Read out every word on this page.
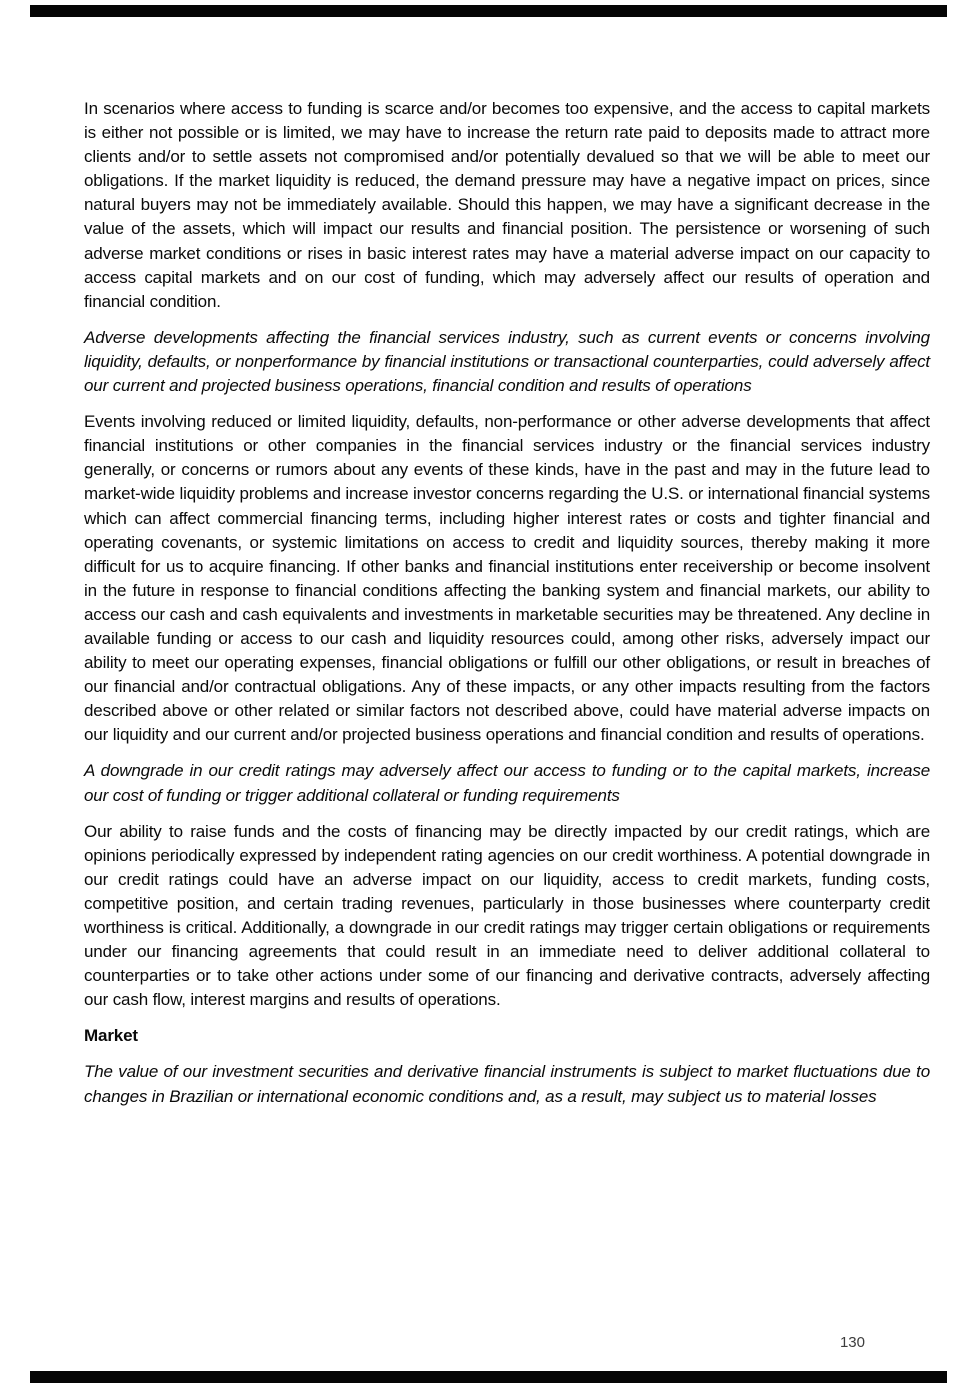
In scenarios where access to funding is scarce and/or becomes too expensive, and the access to capital markets is either not possible or is limited, we may have to increase the return rate paid to deposits made to attract more clients and/or to settle assets not compromised and/or potentially devalued so that we will be able to meet our obligations. If the market liquidity is reduced, the demand pressure may have a negative impact on prices, since natural buyers may not be immediately available. Should this happen, we may have a significant decrease in the value of the assets, which will impact our results and financial position. The persistence or worsening of such adverse market conditions or rises in basic interest rates may have a material adverse impact on our capacity to access capital markets and on our cost of funding, which may adversely affect our results of operation and financial condition.

Adverse developments affecting the financial services industry, such as current events or concerns involving liquidity, defaults, or nonperformance by financial institutions or transactional counterparties, could adversely affect our current and projected business operations, financial condition and results of operations

Events involving reduced or limited liquidity, defaults, non-performance or other adverse developments that affect financial institutions or other companies in the financial services industry or the financial services industry generally, or concerns or rumors about any events of these kinds, have in the past and may in the future lead to market-wide liquidity problems and increase investor concerns regarding the U.S. or international financial systems which can affect commercial financing terms, including higher interest rates or costs and tighter financial and operating covenants, or systemic limitations on access to credit and liquidity sources, thereby making it more difficult for us to acquire financing. If other banks and financial institutions enter receivership or become insolvent in the future in response to financial conditions affecting the banking system and financial markets, our ability to access our cash and cash equivalents and investments in marketable securities may be threatened. Any decline in available funding or access to our cash and liquidity resources could, among other risks, adversely impact our ability to meet our operating expenses, financial obligations or fulfill our other obligations, or result in breaches of our financial and/or contractual obligations. Any of these impacts, or any other impacts resulting from the factors described above or other related or similar factors not described above, could have material adverse impacts on our liquidity and our current and/or projected business operations and financial condition and results of operations.

A downgrade in our credit ratings may adversely affect our access to funding or to the capital markets, increase our cost of funding or trigger additional collateral or funding requirements

Our ability to raise funds and the costs of financing may be directly impacted by our credit ratings, which are opinions periodically expressed by independent rating agencies on our credit worthiness. A potential downgrade in our credit ratings could have an adverse impact on our liquidity, access to credit markets, funding costs, competitive position, and certain trading revenues, particularly in those businesses where counterparty credit worthiness is critical. Additionally, a downgrade in our credit ratings may trigger certain obligations or requirements under our financing agreements that could result in an immediate need to deliver additional collateral to counterparties or to take other actions under some of our financing and derivative contracts, adversely affecting our cash flow, interest margins and results of operations.

Market

The value of our investment securities and derivative financial instruments is subject to market fluctuations due to changes in Brazilian or international economic conditions and, as a result, may subject us to material losses

130
